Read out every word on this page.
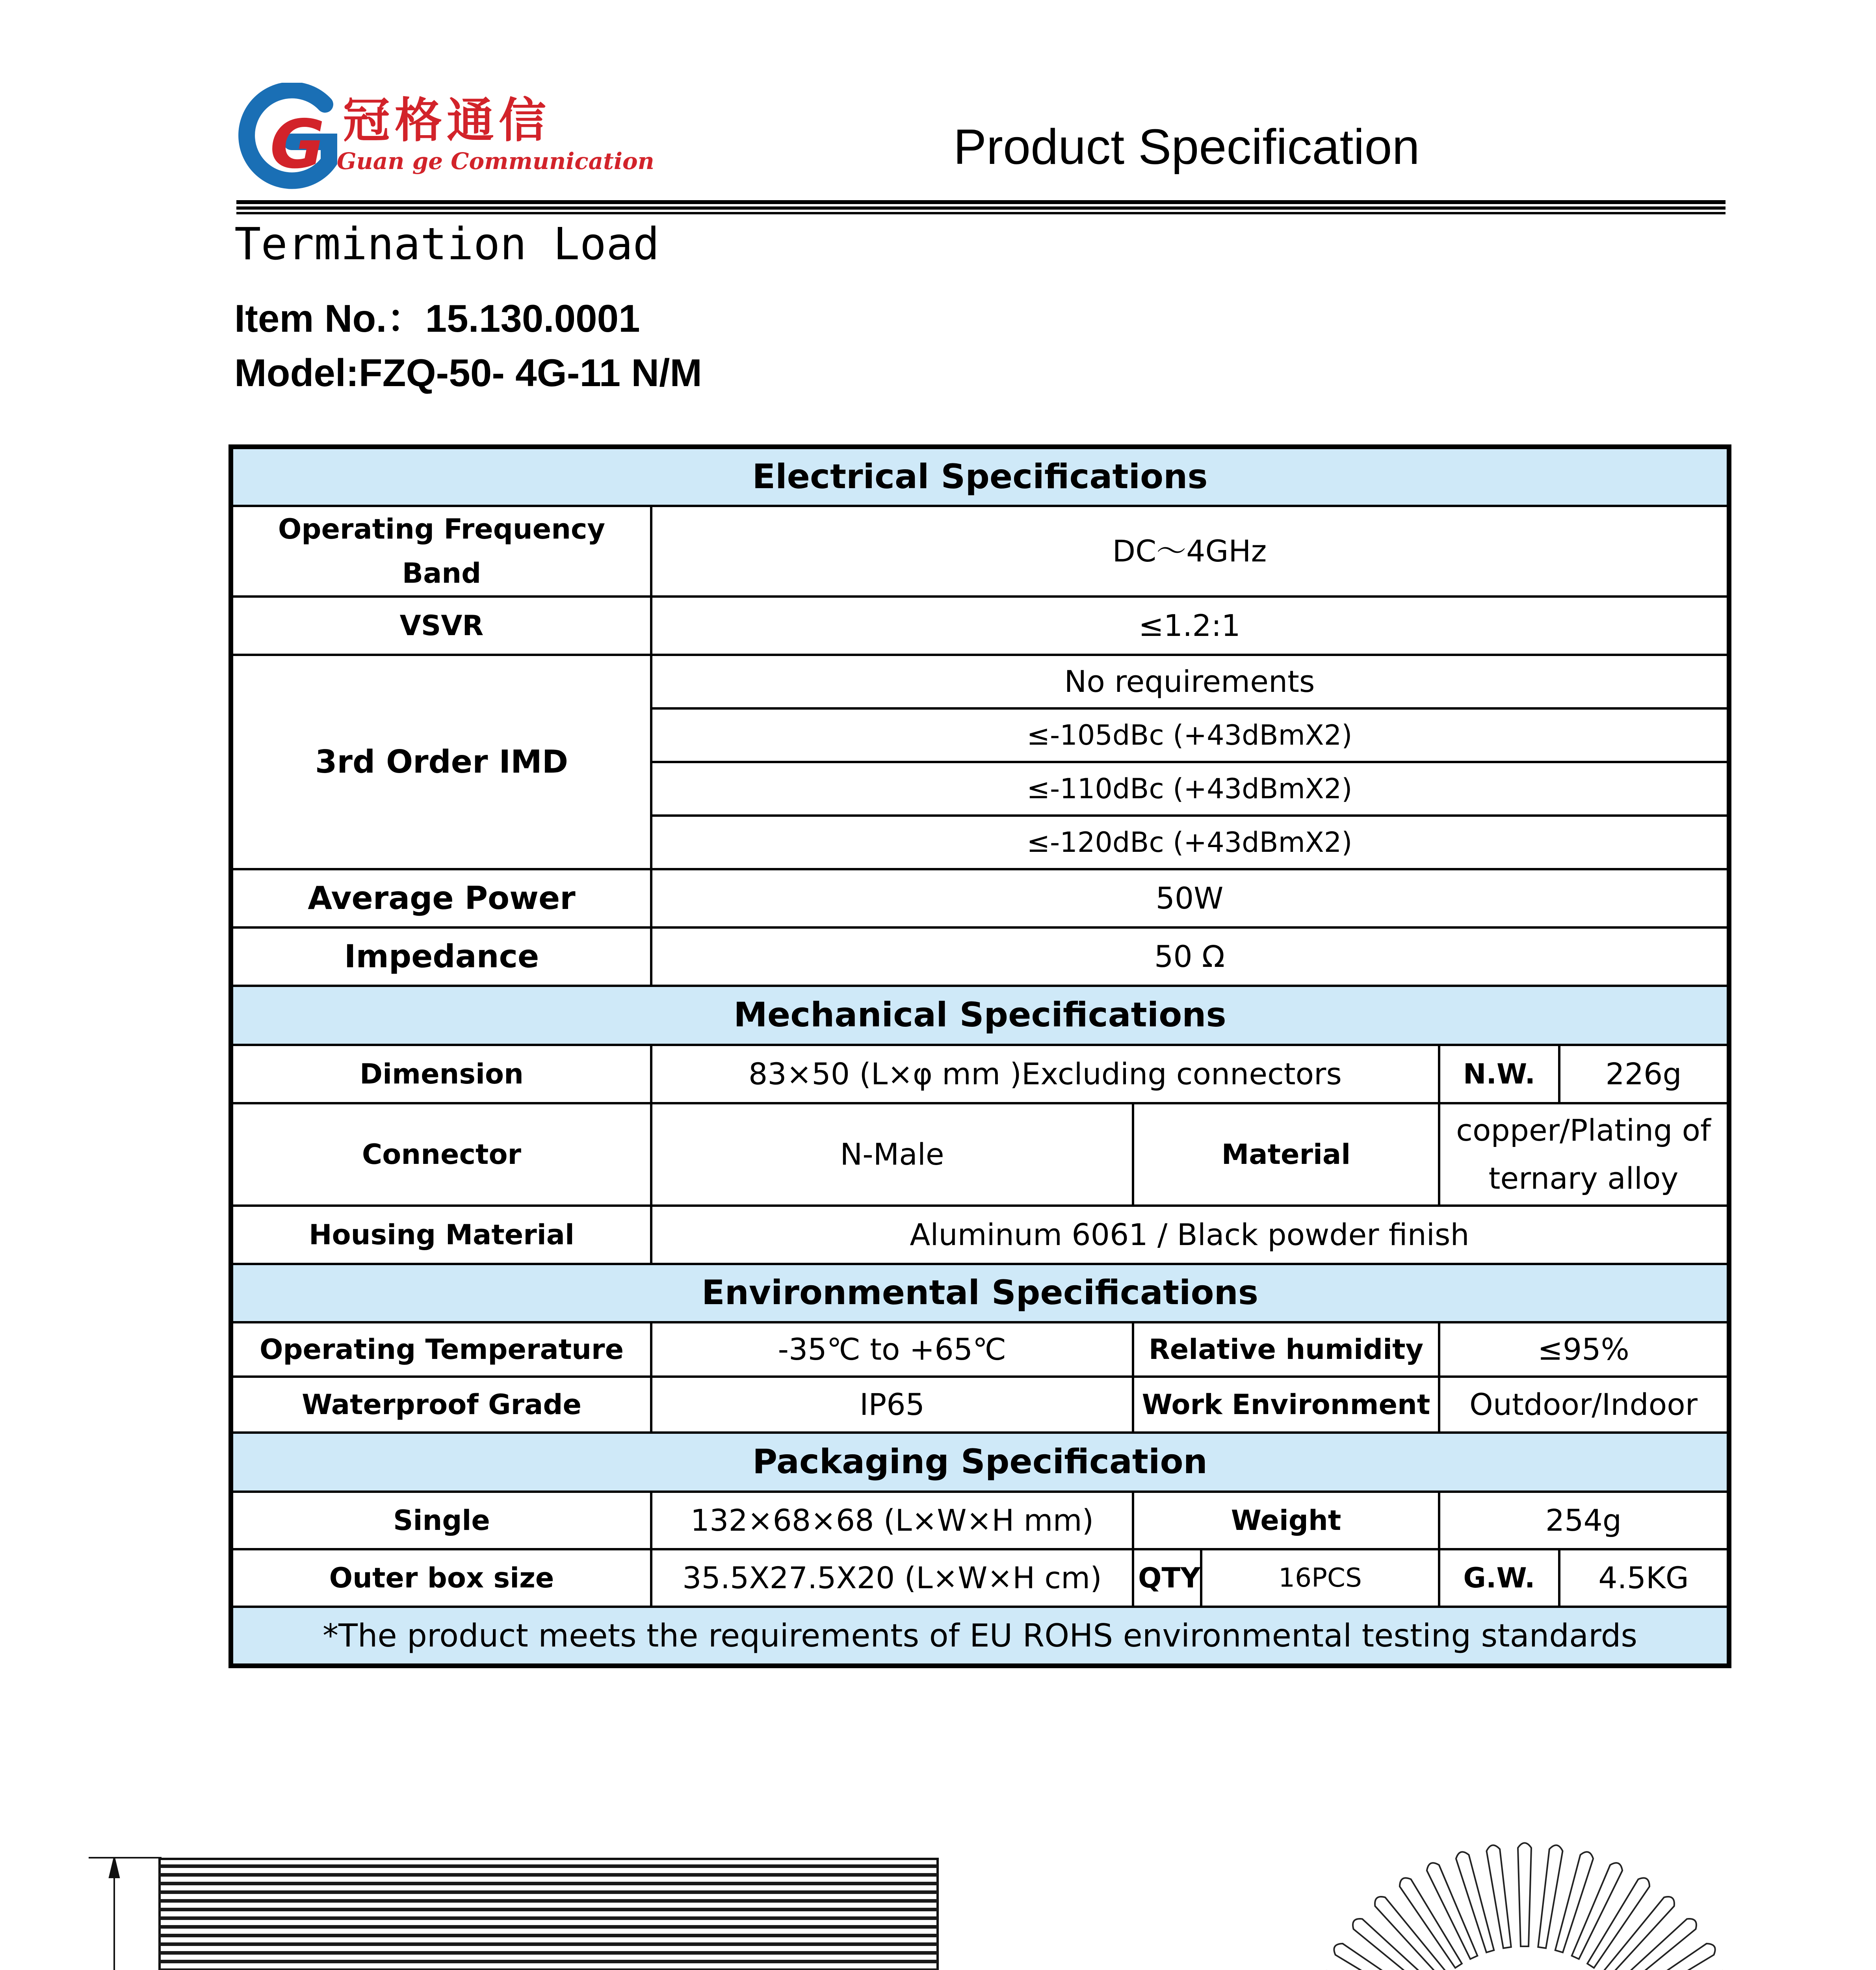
G 冠格通信
Guan ge Communication	Product Specification
Termination Load
Item No.：15.130.0001
Model:FZQ-50- 4G-11 N/M
Electrical Specifications					
Operating Frequency Band	DC～4GHz				
VSVR	≤1.2:1				
3rd Order IMD	No requirements				
	≤-105dBc (+43dBmX2)				
	≤-110dBc (+43dBmX2)				
	≤-120dBc (+43dBmX2)				
Average Power	50W				
Impedance	50 Ω				
Mechanical Specifications					
Dimension	83×50 (L×φ mm )Excluding connectors			N.W.	226g
Connector	N-Male	Material		copper/Plating of
ternary alloy	

Housing Material	Aluminum 6061 / Black powder finish				
Environmental Specifications					
Operating Temperature	-35℃ to +65℃	Relative humidity		≤95%	
Waterproof Grade	IP65	Work Environment		Outdoor/Indoor	
Packaging Specification					
Single	132×68×68 (L×W×H mm)	Weight		254g	
Outer box size	35.5X27.5X20 (L×W×H cm)	QTY	16PCS	G.W.	4.5KG
*The product meets the requirements of EU ROHS environmental testing standards					
